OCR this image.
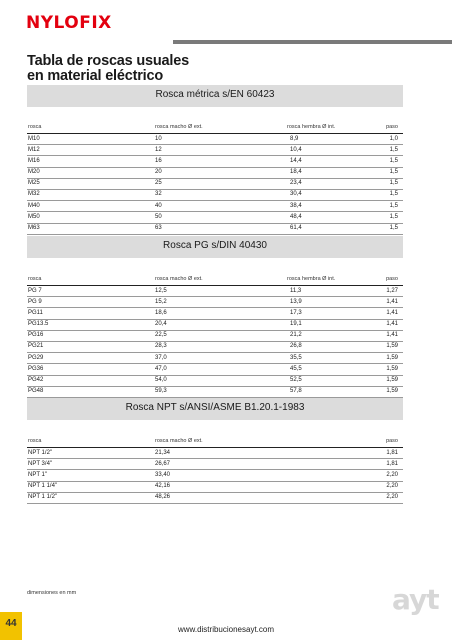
NYLOFIX
Tabla de roscas usuales
en material eléctrico
Rosca métrica s/EN 60423
rosca	rosca macho Ø ext.	rosca hembra Ø int.	paso
M10	10	8,9	1,0
M12	12	10,4	1,5
M16	16	14,4	1,5
M20	20	18,4	1,5
M25	25	23,4	1,5
M32	32	30,4	1,5
M40	40	38,4	1,5
M50	50	48,4	1,5
M63	63	61,4	1,5
Rosca PG s/DIN 40430
rosca	rosca macho Ø ext.	rosca hembra Ø int.	paso
PG 7	12,5	11,3	1,27
PG 9	15,2	13,9	1,41
PG11	18,6	17,3	1,41
PG13.5	20,4	19,1	1,41
PG16	22,5	21,2	1,41
PG21	28,3	26,8	1,59
PG29	37,0	35,5	1,59
PG36	47,0	45,5	1,59
PG42	54,0	52,5	1,59
PG48	59,3	57,8	1,59
Rosca NPT s/ANSI/ASME B1.20.1-1983
rosca	rosca macho Ø ext.	paso
NPT 1/2"	21,34	1,81
NPT 3/4"	26,67	1,81
NPT 1"	33,40	2,20
NPT 1 1/4"	42,16	2,20
NPT 1 1/2"	48,26	2,20
dimensiones en mm	ayt
44
www.distribucionesayt.com
